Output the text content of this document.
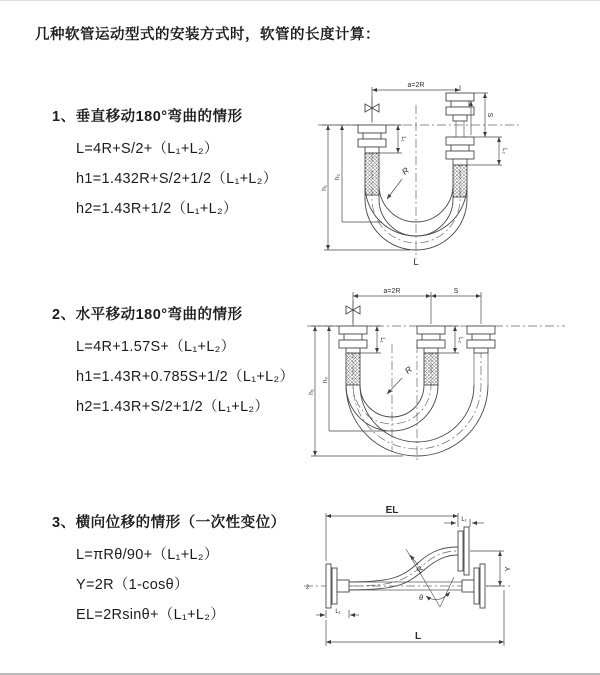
几种软管运动型式的安装方式时，软管的长度计算：
1、垂直移动180°弯曲的情形
L=4R+S/2+（L₁+L₂）
h1=1.432R+S/2+1/2（L₁+L₂）
h2=1.43R+1/2（L₁+L₂）
2、水平移动180°弯曲的情形
L=4R+1.57S+（L₁+L₂）
h1=1.43R+0.785S+1/2（L₁+L₂）
h2=1.43R+S/2+1/2（L₁+L₂）
3、横向位移的情形（一次性变位）
L=πRθ/90+（L₁+L₂）
Y=2R（1-cosθ）
EL=2Rsinθ+（L₁+L₂）
a=2R
S
L₂
L₁
h₁
h₂
R
L
a=2R	S
L₁	L₂
h₁
h₂
R
z̄
EL
L₁
Y
θ
R
L₁
L
